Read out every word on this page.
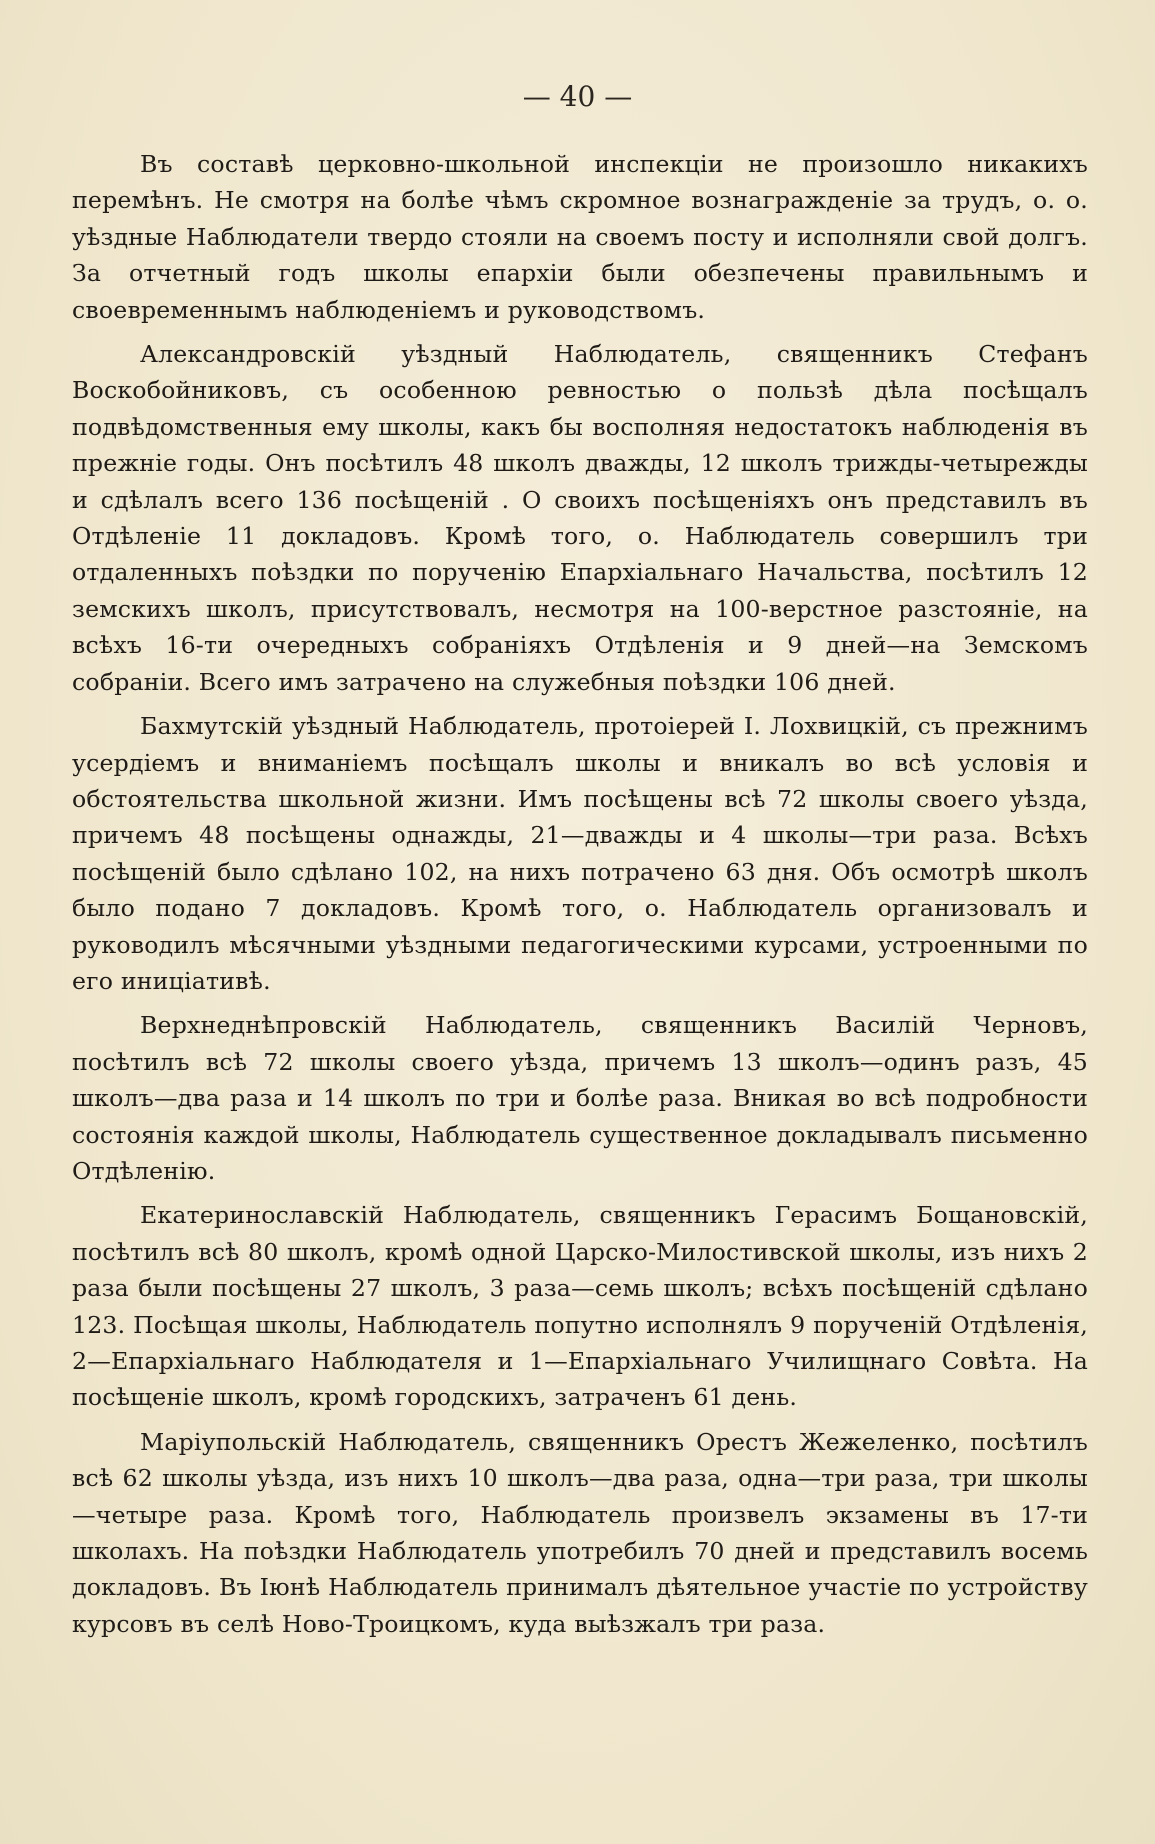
— 40 —

Въ составѣ церковно-школьной инспекціи не произошло никакихъ перемѣнъ. Не смотря на болѣе чѣмъ скромное вознагражденіе за трудъ, о. о. уѣздные Наблюдатели твердо стояли на своемъ посту и исполняли свой долгъ. За отчетный годъ школы епархіи были обезпечены правильнымъ и своевременнымъ наблюденіемъ и руководствомъ.

Александровскій уѣздный Наблюдатель, священникъ Стефанъ Воскобойниковъ, съ особенною ревностью о пользѣ дѣла посѣщалъ подвѣдомственныя ему школы, какъ бы восполняя недостатокъ наблюденія въ прежніе годы. Онъ посѣтилъ 48 школъ дважды, 12 школъ трижды-четырежды и сдѣлалъ всего 136 посѣщеній . О своихъ посѣщеніяхъ онъ представилъ въ Отдѣленіе 11 докладовъ. Кромѣ того, о. Наблюдатель совершилъ три отдаленныхъ поѣздки по порученію Епархіальнаго Начальства, посѣтилъ 12 земскихъ школъ, присутствовалъ, несмотря на 100-верстное разстояніе, на всѣхъ 16-ти очередныхъ собраніяхъ Отдѣленія и 9 дней—на Земскомъ собраніи. Всего имъ затрачено на служебныя поѣздки 106 дней.

Бахмутскій уѣздный Наблюдатель, протоіерей І. Лохвицкій, съ прежнимъ усердіемъ и вниманіемъ посѣщалъ школы и вникалъ во всѣ условія и обстоятельства школьной жизни. Имъ посѣщены всѣ 72 школы своего уѣзда, причемъ 48 посѣщены однажды, 21—дважды и 4 школы—три раза. Всѣхъ посѣщеній было сдѣлано 102, на нихъ потрачено 63 дня. Объ осмотрѣ школъ было подано 7 докладовъ. Кромѣ того, о. Наблюдатель организовалъ и руководилъ мѣсячными уѣздными педагогическими курсами, устроенными по его иниціативѣ.

Верхнеднѣпровскій Наблюдатель, священникъ Василій Черновъ, посѣтилъ всѣ 72 школы своего уѣзда, причемъ 13 школъ—одинъ разъ, 45 школъ—два раза и 14 школъ по три и болѣе раза. Вникая во всѣ подробности состоянія каждой школы, Наблюдатель существенное докладывалъ письменно Отдѣленію.

Екатеринославскій Наблюдатель, священникъ Герасимъ Бощановскій, посѣтилъ всѣ 80 школъ, кромѣ одной Царско-Милостивской школы, изъ нихъ 2 раза были посѣщены 27 школъ, 3 раза—семь школъ; всѣхъ посѣщеній сдѣлано 123. Посѣщая школы, Наблюдатель попутно исполнялъ 9 порученій Отдѣленія, 2—Епархіальнаго Наблюдателя и 1—Епархіальнаго Училищнаго Совѣта. На посѣщеніе школъ, кромѣ городскихъ, затраченъ 61 день.

Маріупольскій Наблюдатель, священникъ Орестъ Жежеленко, посѣтилъ всѣ 62 школы уѣзда, изъ нихъ 10 школъ—два раза, одна—три раза, три школы—четыре раза. Кромѣ того, Наблюдатель произвелъ экзамены въ 17-ти школахъ. На поѣздки Наблюдатель употребилъ 70 дней и представилъ восемь докладовъ. Въ Іюнѣ Наблюдатель принималъ дѣятельное участіе по устройству курсовъ въ селѣ Ново-Троицкомъ, куда выѣзжалъ три раза.
